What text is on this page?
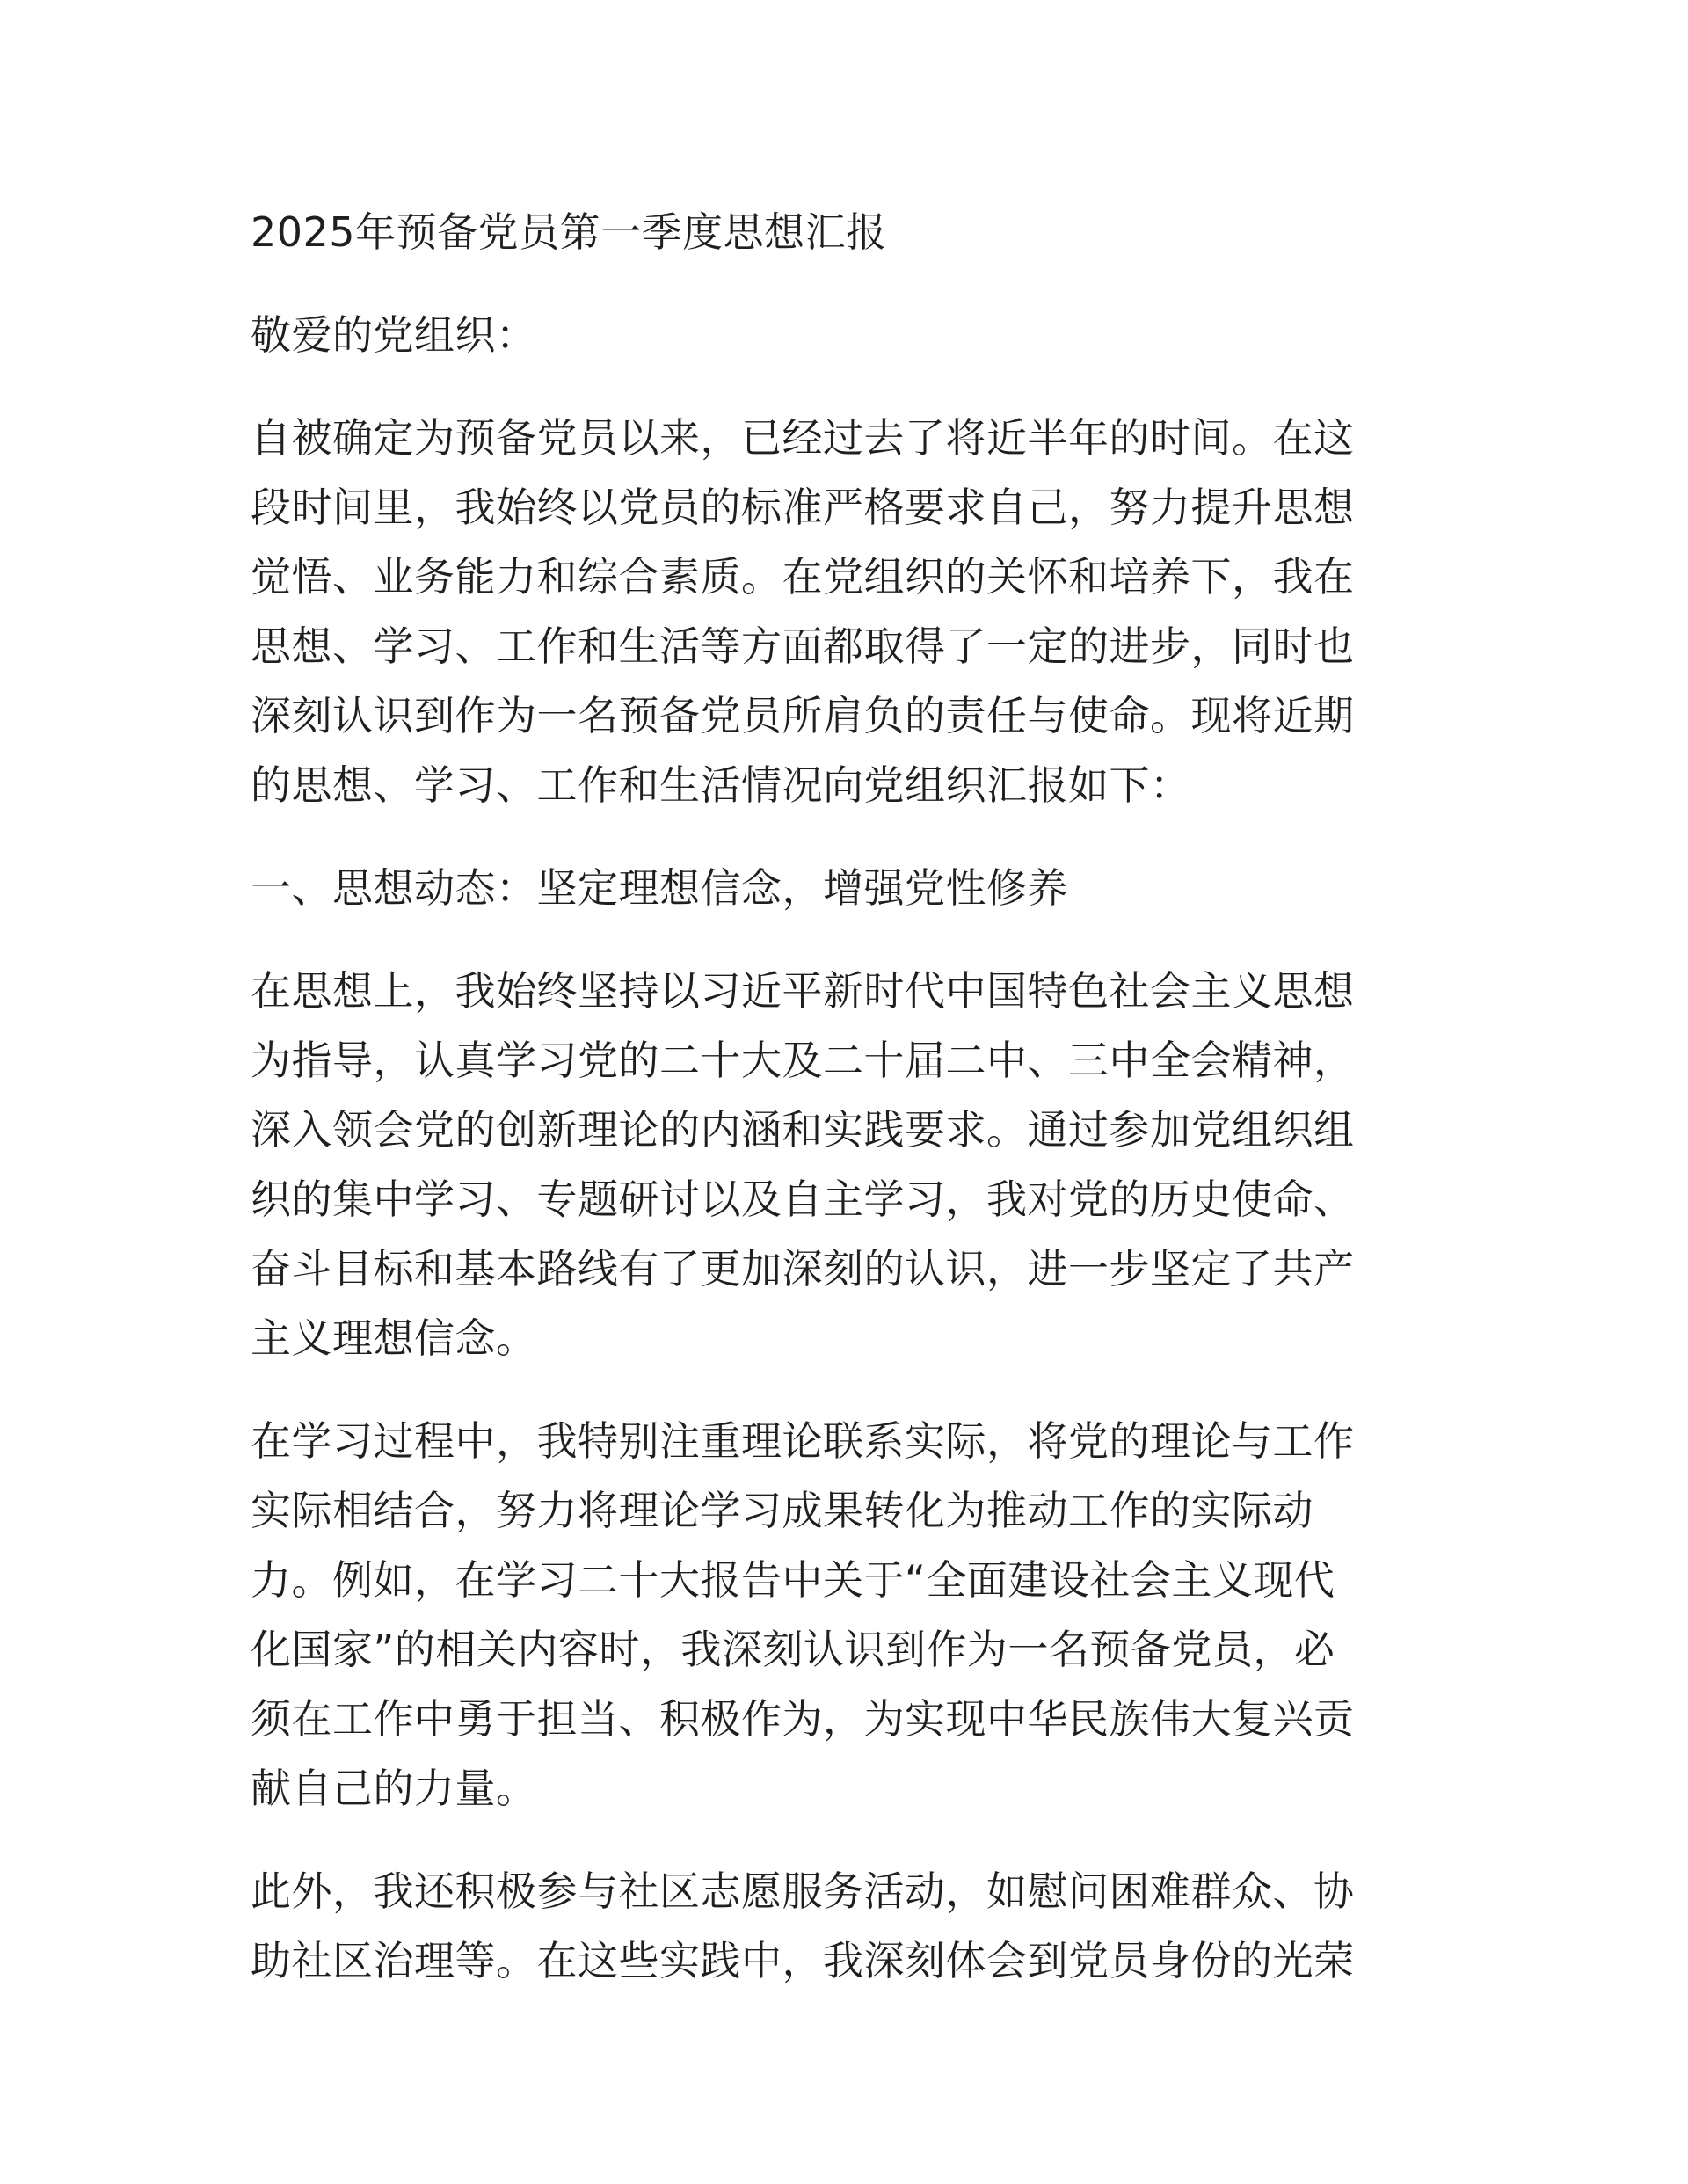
2025年预备党员第一季度思想汇报
敬爱的党组织：
自被确定为预备党员以来，已经过去了将近半年的时间。在这
段时间里，我始终以党员的标准严格要求自己，努力提升思想
觉悟、业务能力和综合素质。在党组织的关怀和培养下，我在
思想、学习、工作和生活等方面都取得了一定的进步，同时也
深刻认识到作为一名预备党员所肩负的责任与使命。现将近期
的思想、学习、工作和生活情况向党组织汇报如下：
一、思想动态：坚定理想信念，增强党性修养
在思想上，我始终坚持以习近平新时代中国特色社会主义思想
为指导，认真学习党的二十大及二十届二中、三中全会精神，
深入领会党的创新理论的内涵和实践要求。通过参加党组织组
织的集中学习、专题研讨以及自主学习，我对党的历史使命、
奋斗目标和基本路线有了更加深刻的认识，进一步坚定了共产
主义理想信念。
在学习过程中，我特别注重理论联系实际，将党的理论与工作
实际相结合，努力将理论学习成果转化为推动工作的实际动
力。例如，在学习二十大报告中关于“全面建设社会主义现代
化国家”的相关内容时，我深刻认识到作为一名预备党员，必
须在工作中勇于担当、积极作为，为实现中华民族伟大复兴贡
献自己的力量。
此外，我还积极参与社区志愿服务活动，如慰问困难群众、协
助社区治理等。在这些实践中，我深刻体会到党员身份的光荣
